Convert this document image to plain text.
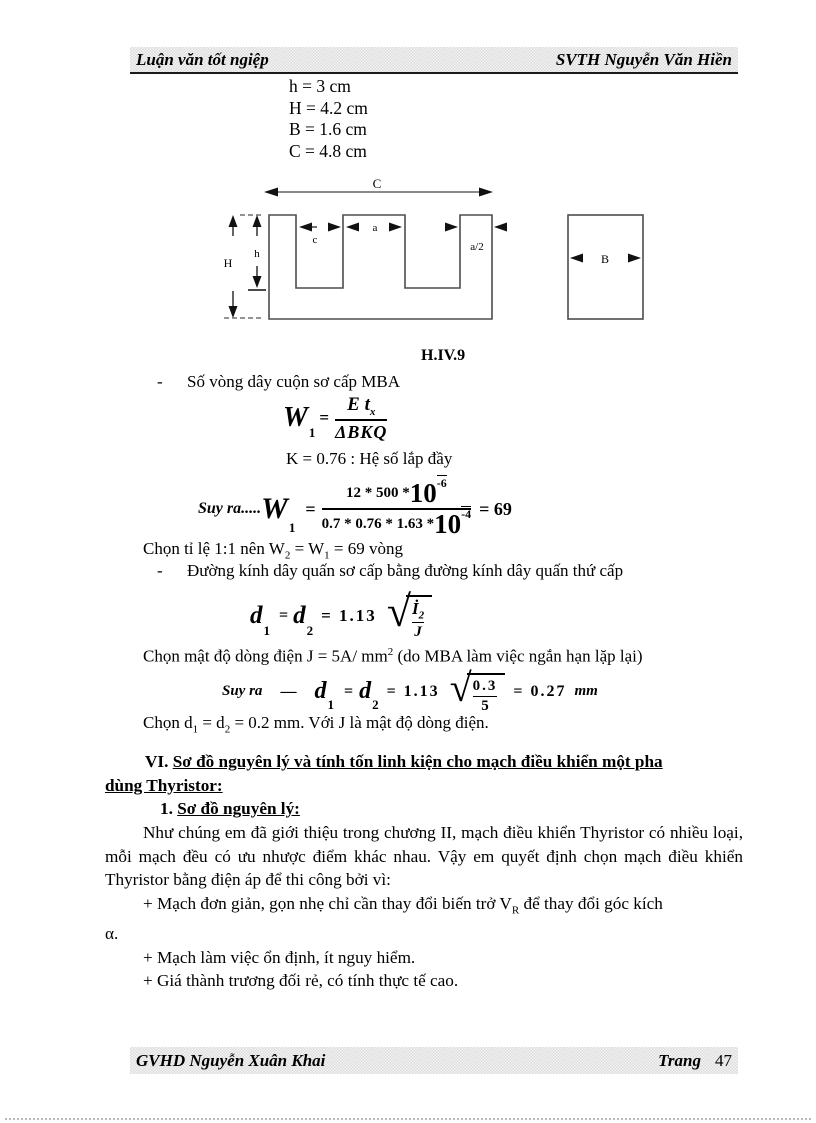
Luận văn tốt ngiệp	SVTH Nguyễn Văn Hiền
h = 3 cm
H = 4.2 cm
B = 1.6 cm
C = 4.8 cm
C
H
h
c
a
a/2
B
H.IV.9
- Số vòng dây cuộn sơ cấp MBA
W 1
= $\frac{E t_x}{\text{ΔBKQ}}$
K = 0.76 : Hệ số lắp đầy
Suy ra..... W
1
= $\frac{12 * 500 * 10 -6}{0.7 * 0.76 * 1.63 * 10 -4} = 69$
Chọn tỉ lệ 1:1 nên $W_2 = W_1 = 69$ vòng
- Đường kính dây quấn sơ cấp bằng đường kính dây quấn thứ cấp
d
1
= d
2
= 1.13 √ $\frac{İ_2}{J}$
Chọn mật độ dòng điện J = 5A/ $mm^2$ (do MBA làm việc ngắn hạn lặp lại)
Suy ra — d
1
= d
2
= 1.13 √ $\frac{0.3}{5} = 0.27$ mm
Chọn $d_1 = d_2 = 0.2$ mm. Với J là mật độ dòng điện.
VI. Sơ đồ nguyên lý và tính tốn linh kiện cho mạch điều khiển một pha
dùng Thyristor:
1. Sơ đồ nguyên lý:

Như chúng em đã giới thiệu trong chương II, mạch điều khiển Thyristor có nhiều loại, mỗi mạch đều có ưu nhược điểm khác nhau. Vậy em quyết định chọn mạch điều khiển Thyristor bằng điện áp để thi công bởi vì:

+ Mạch đơn giản, gọn nhẹ chỉ cần thay đổi biến trở $V_R$ để thay đổi góc kích
α.
+ Mạch làm việc ổn định, ít nguy hiểm.
+ Giá thành trương đối rẻ, có tính thực tế cao.
GVHD Nguyễn Xuân Khai	Trang 47
